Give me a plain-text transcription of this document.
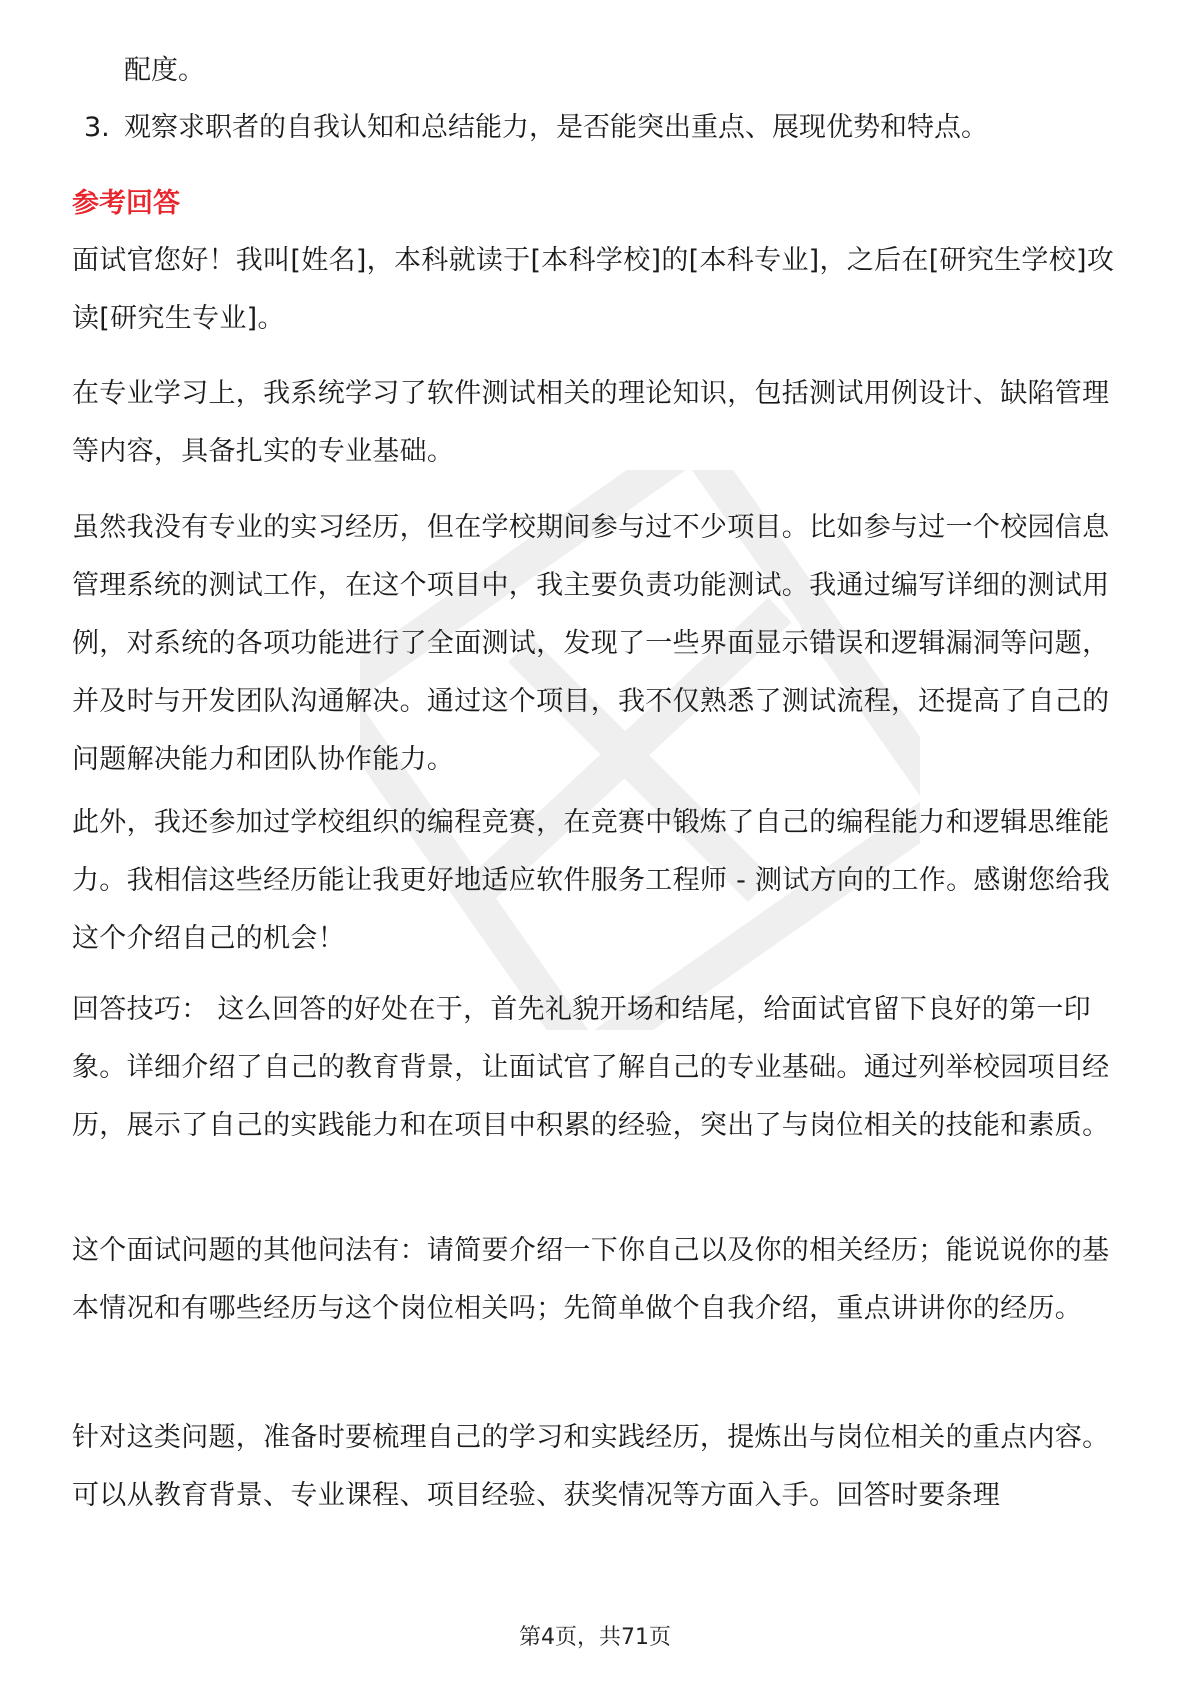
配度。

3. 观察求职者的自我认知和总结能力，是否能突出重点、展现优势和特点。

参考回答

面试官您好！我叫[姓名]，本科就读于[本科学校]的[本科专业]，之后在[研究生学校]攻读[研究生专业]。

在专业学习上，我系统学习了软件测试相关的理论知识，包括测试用例设计、缺陷管理等内容，具备扎实的专业基础。

虽然我没有专业的实习经历，但在学校期间参与过不少项目。比如参与过一个校园信息管理系统的测试工作，在这个项目中，我主要负责功能测试。我通过编写详细的测试用例，对系统的各项功能进行了全面测试，发现了一些界面显示错误和逻辑漏洞等问题，并及时与开发团队沟通解决。通过这个项目，我不仅熟悉了测试流程，还提高了自己的问题解决能力和团队协作能力。

此外，我还参加过学校组织的编程竞赛，在竞赛中锻炼了自己的编程能力和逻辑思维能力。我相信这些经历能让我更好地适应软件服务工程师 - 测试方向的工作。感谢您给我这个介绍自己的机会！

回答技巧： 这么回答的好处在于，首先礼貌开场和结尾，给面试官留下良好的第一印象。详细介绍了自己的教育背景，让面试官了解自己的专业基础。通过列举校园项目经历，展示了自己的实践能力和在项目中积累的经验，突出了与岗位相关的技能和素质。

这个面试问题的其他问法有：请简要介绍一下你自己以及你的相关经历；能说说你的基本情况和有哪些经历与这个岗位相关吗；先简单做个自我介绍，重点讲讲你的经历。

针对这类问题，准备时要梳理自己的学习和实践经历，提炼出与岗位相关的重点内容。可以从教育背景、专业课程、项目经验、获奖情况等方面入手。回答时要条理

第4页，共71页
